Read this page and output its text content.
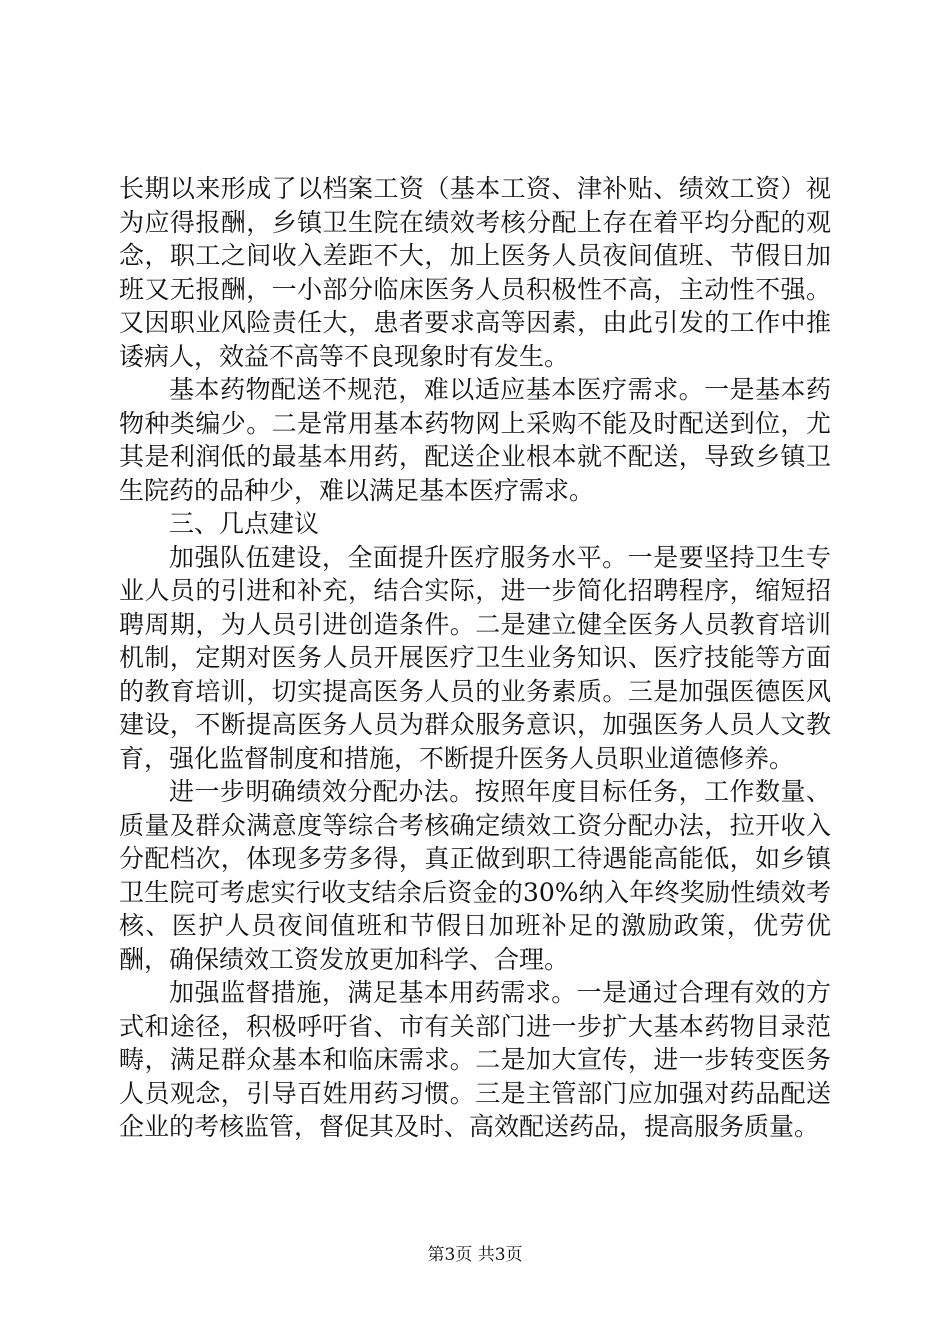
长期以来形成了以档案工资（基本工资、津补贴、绩效工资）视为应得报酬，乡镇卫生院在绩效考核分配上存在着平均分配的观念，职工之间收入差距不大，加上医务人员夜间值班、节假日加班又无报酬，一小部分临床医务人员积极性不高，主动性不强。又因职业风险责任大，患者要求高等因素，由此引发的工作中推诿病人，效益不高等不良现象时有发生。

基本药物配送不规范，难以适应基本医疗需求。一是基本药物种类编少。二是常用基本药物网上采购不能及时配送到位，尤其是利润低的最基本用药，配送企业根本就不配送，导致乡镇卫生院药的品种少，难以满足基本医疗需求。

三、几点建议

加强队伍建设，全面提升医疗服务水平。一是要坚持卫生专业人员的引进和补充，结合实际，进一步简化招聘程序，缩短招聘周期，为人员引进创造条件。二是建立健全医务人员教育培训机制，定期对医务人员开展医疗卫生业务知识、医疗技能等方面的教育培训，切实提高医务人员的业务素质。三是加强医德医风建设，不断提高医务人员为群众服务意识，加强医务人员人文教育，强化监督制度和措施，不断提升医务人员职业道德修养。

进一步明确绩效分配办法。按照年度目标任务，工作数量、质量及群众满意度等综合考核确定绩效工资分配办法，拉开收入分配档次，体现多劳多得，真正做到职工待遇能高能低，如乡镇卫生院可考虑实行收支结余后资金的30%纳入年终奖励性绩效考核、医护人员夜间值班和节假日加班补足的激励政策，优劳优酬，确保绩效工资发放更加科学、合理。

加强监督措施，满足基本用药需求。一是通过合理有效的方式和途径，积极呼吁省、市有关部门进一步扩大基本药物目录范畴，满足群众基本和临床需求。二是加大宣传，进一步转变医务人员观念，引导百姓用药习惯。三是主管部门应加强对药品配送企业的考核监管，督促其及时、高效配送药品，提高服务质量。

第3页 共3页
